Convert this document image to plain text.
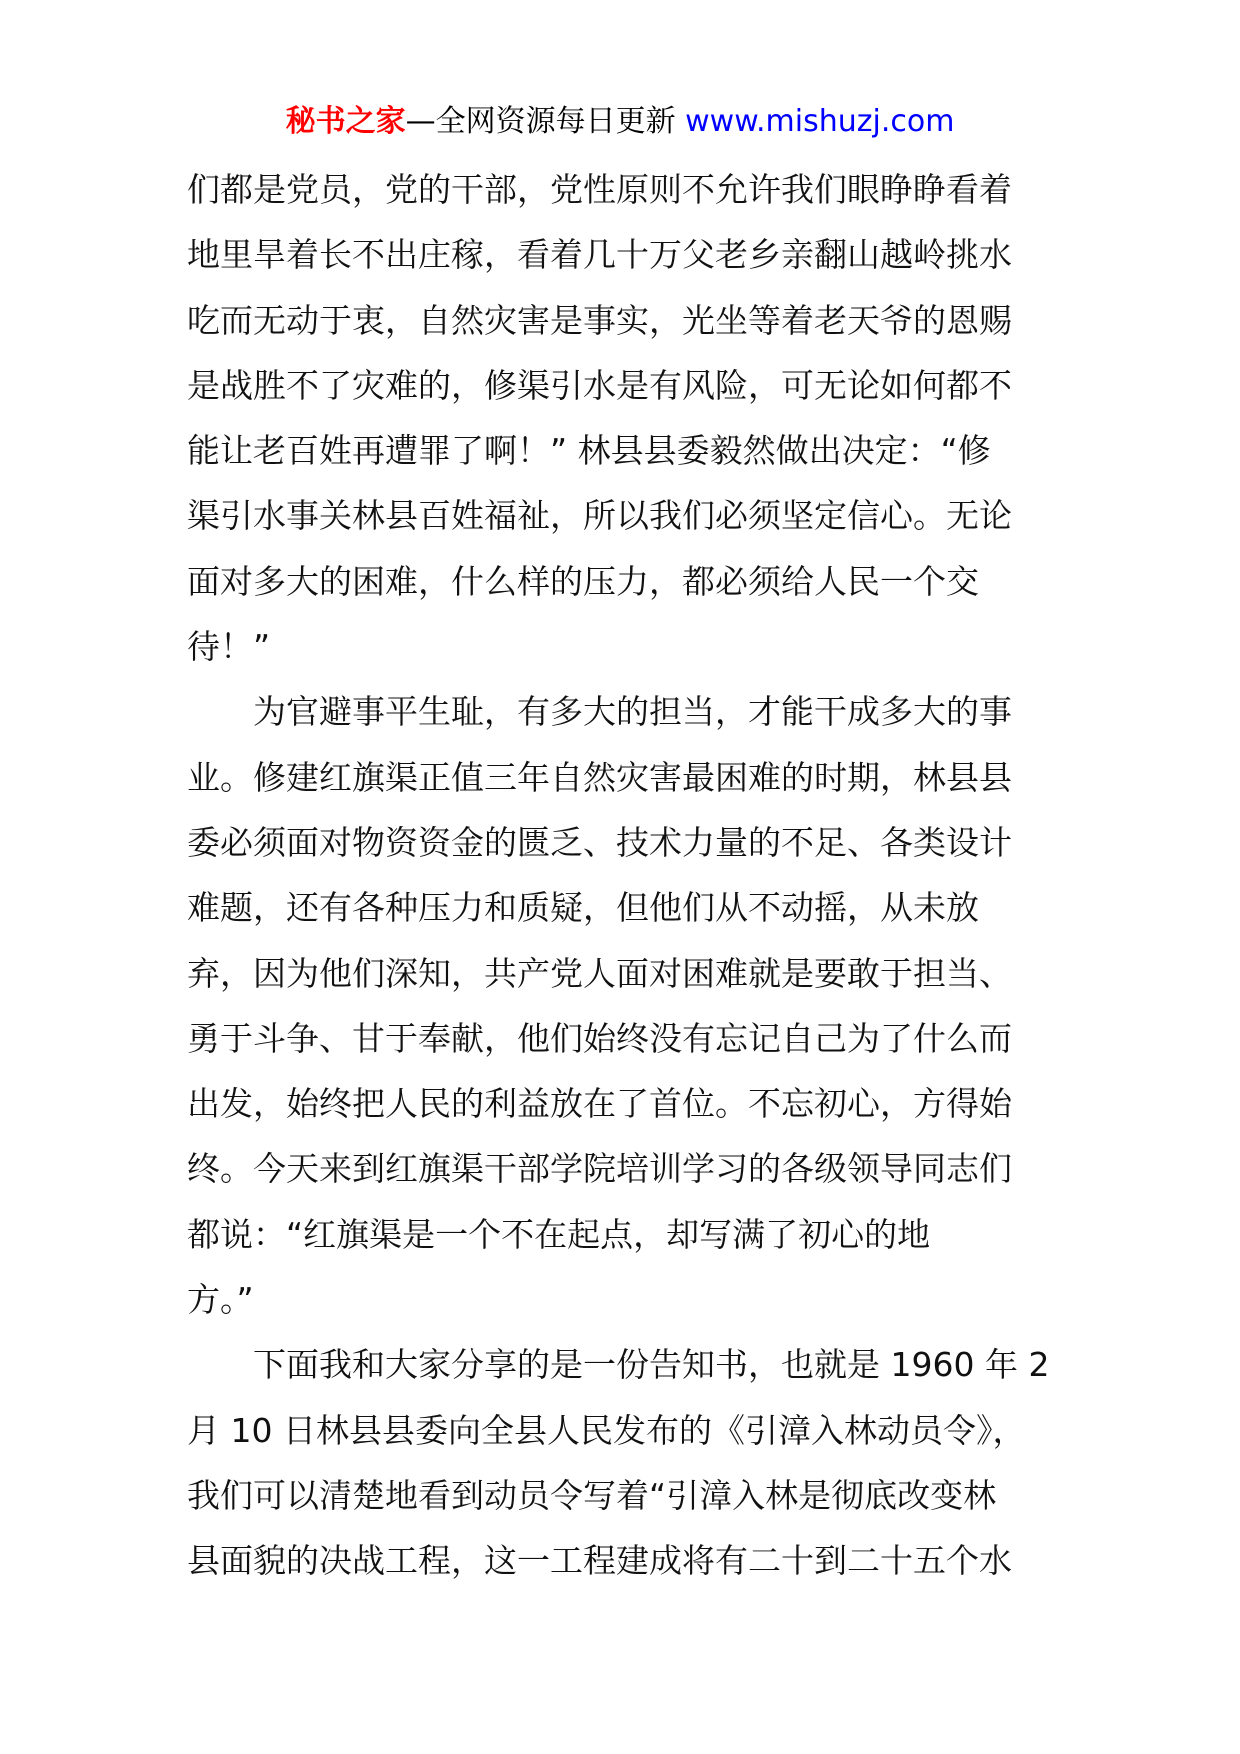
秘书之家—全网资源每日更新 www.mishuzj.com
们都是党员，党的干部，党性原则不允许我们眼睁睁看着
地里旱着长不出庄稼，看着几十万父老乡亲翻山越岭挑水
吃而无动于衷，自然灾害是事实，光坐等着老天爷的恩赐
是战胜不了灾难的，修渠引水是有风险，可无论如何都不
能让老百姓再遭罪了啊！” 林县县委毅然做出决定：“修
渠引水事关林县百姓福祉，所以我们必须坚定信心。无论
面对多大的困难，什么样的压力，都必须给人民一个交
待！”
为官避事平生耻，有多大的担当，才能干成多大的事
业。修建红旗渠正值三年自然灾害最困难的时期，林县县
委必须面对物资资金的匮乏、技术力量的不足、各类设计
难题，还有各种压力和质疑，但他们从不动摇，从未放
弃，因为他们深知，共产党人面对困难就是要敢于担当、
勇于斗争、甘于奉献，他们始终没有忘记自己为了什么而
出发，始终把人民的利益放在了首位。不忘初心，方得始
终。今天来到红旗渠干部学院培训学习的各级领导同志们
都说：“红旗渠是一个不在起点，却写满了初心的地
方。”
下面我和大家分享的是一份告知书，也就是 1960 年 2
月 10 日林县县委向全县人民发布的《引漳入林动员令》，
我们可以清楚地看到动员令写着“引漳入林是彻底改变林
县面貌的决战工程，这一工程建成将有二十到二十五个水
